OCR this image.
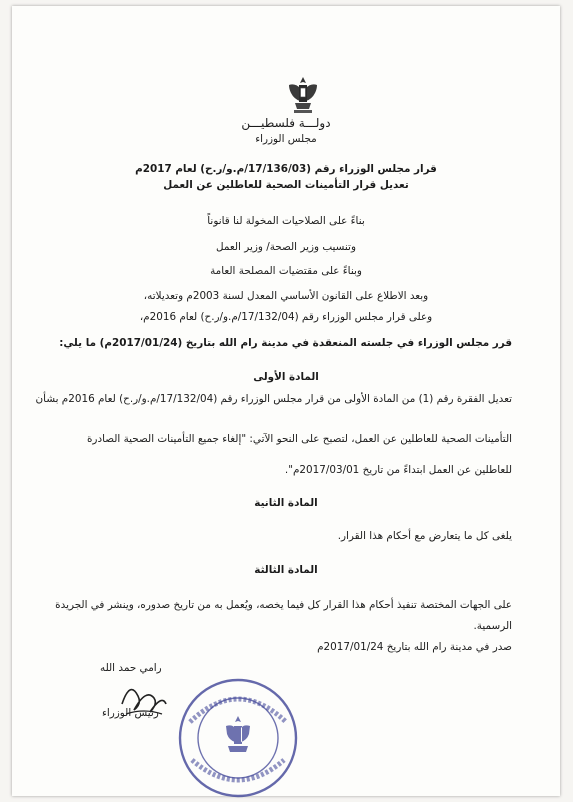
دولـــة فلسطيـــن
مجلس الوزراء
قرار مجلس الوزراء رقم (17/136/03/م.و/ر.ح) لعام 2017م
تعديل قرار التأمينات الصحية للعاطلين عن العمل
بناءً على الصلاحيات المخولة لنا قانوناً
وتنسيب وزير الصحة/ وزير العمل
وبناءً على مقتضيات المصلحة العامة
وبعد الاطلاع على القانون الأساسي المعدل لسنة 2003م وتعديلاته،
وعلى قرار مجلس الوزراء رقم (17/132/04/م.و/ر.ح) لعام 2016م،
قرر مجلس الوزراء في جلسته المنعقدة في مدينة رام الله بتاريخ (2017/01/24م) ما يلي:
المادة الأولى
تعديل الفقرة رقم (1) من المادة الأولى من قرار مجلس الوزراء رقم (17/132/04/م.و/ر.ح) لعام 2016م بشأن
التأمينات الصحية للعاطلين عن العمل، لتصبح على النحو الآتي: "إلغاء جميع التأمينات الصحية الصادرة
للعاطلين عن العمل ابتداءً من تاريخ 2017/03/01م".
المادة الثانية
يلغى كل ما يتعارض مع أحكام هذا القرار.
المادة الثالثة
على الجهات المختصة تنفيذ أحكام هذا القرار كل فيما يخصه، ويُعمل به من تاريخ صدوره، وينشر في الجريدة
الرسمية.
صدر في مدينة رام الله بتاريخ 2017/01/24م
رامي حمد الله
رئيس الوزراء
